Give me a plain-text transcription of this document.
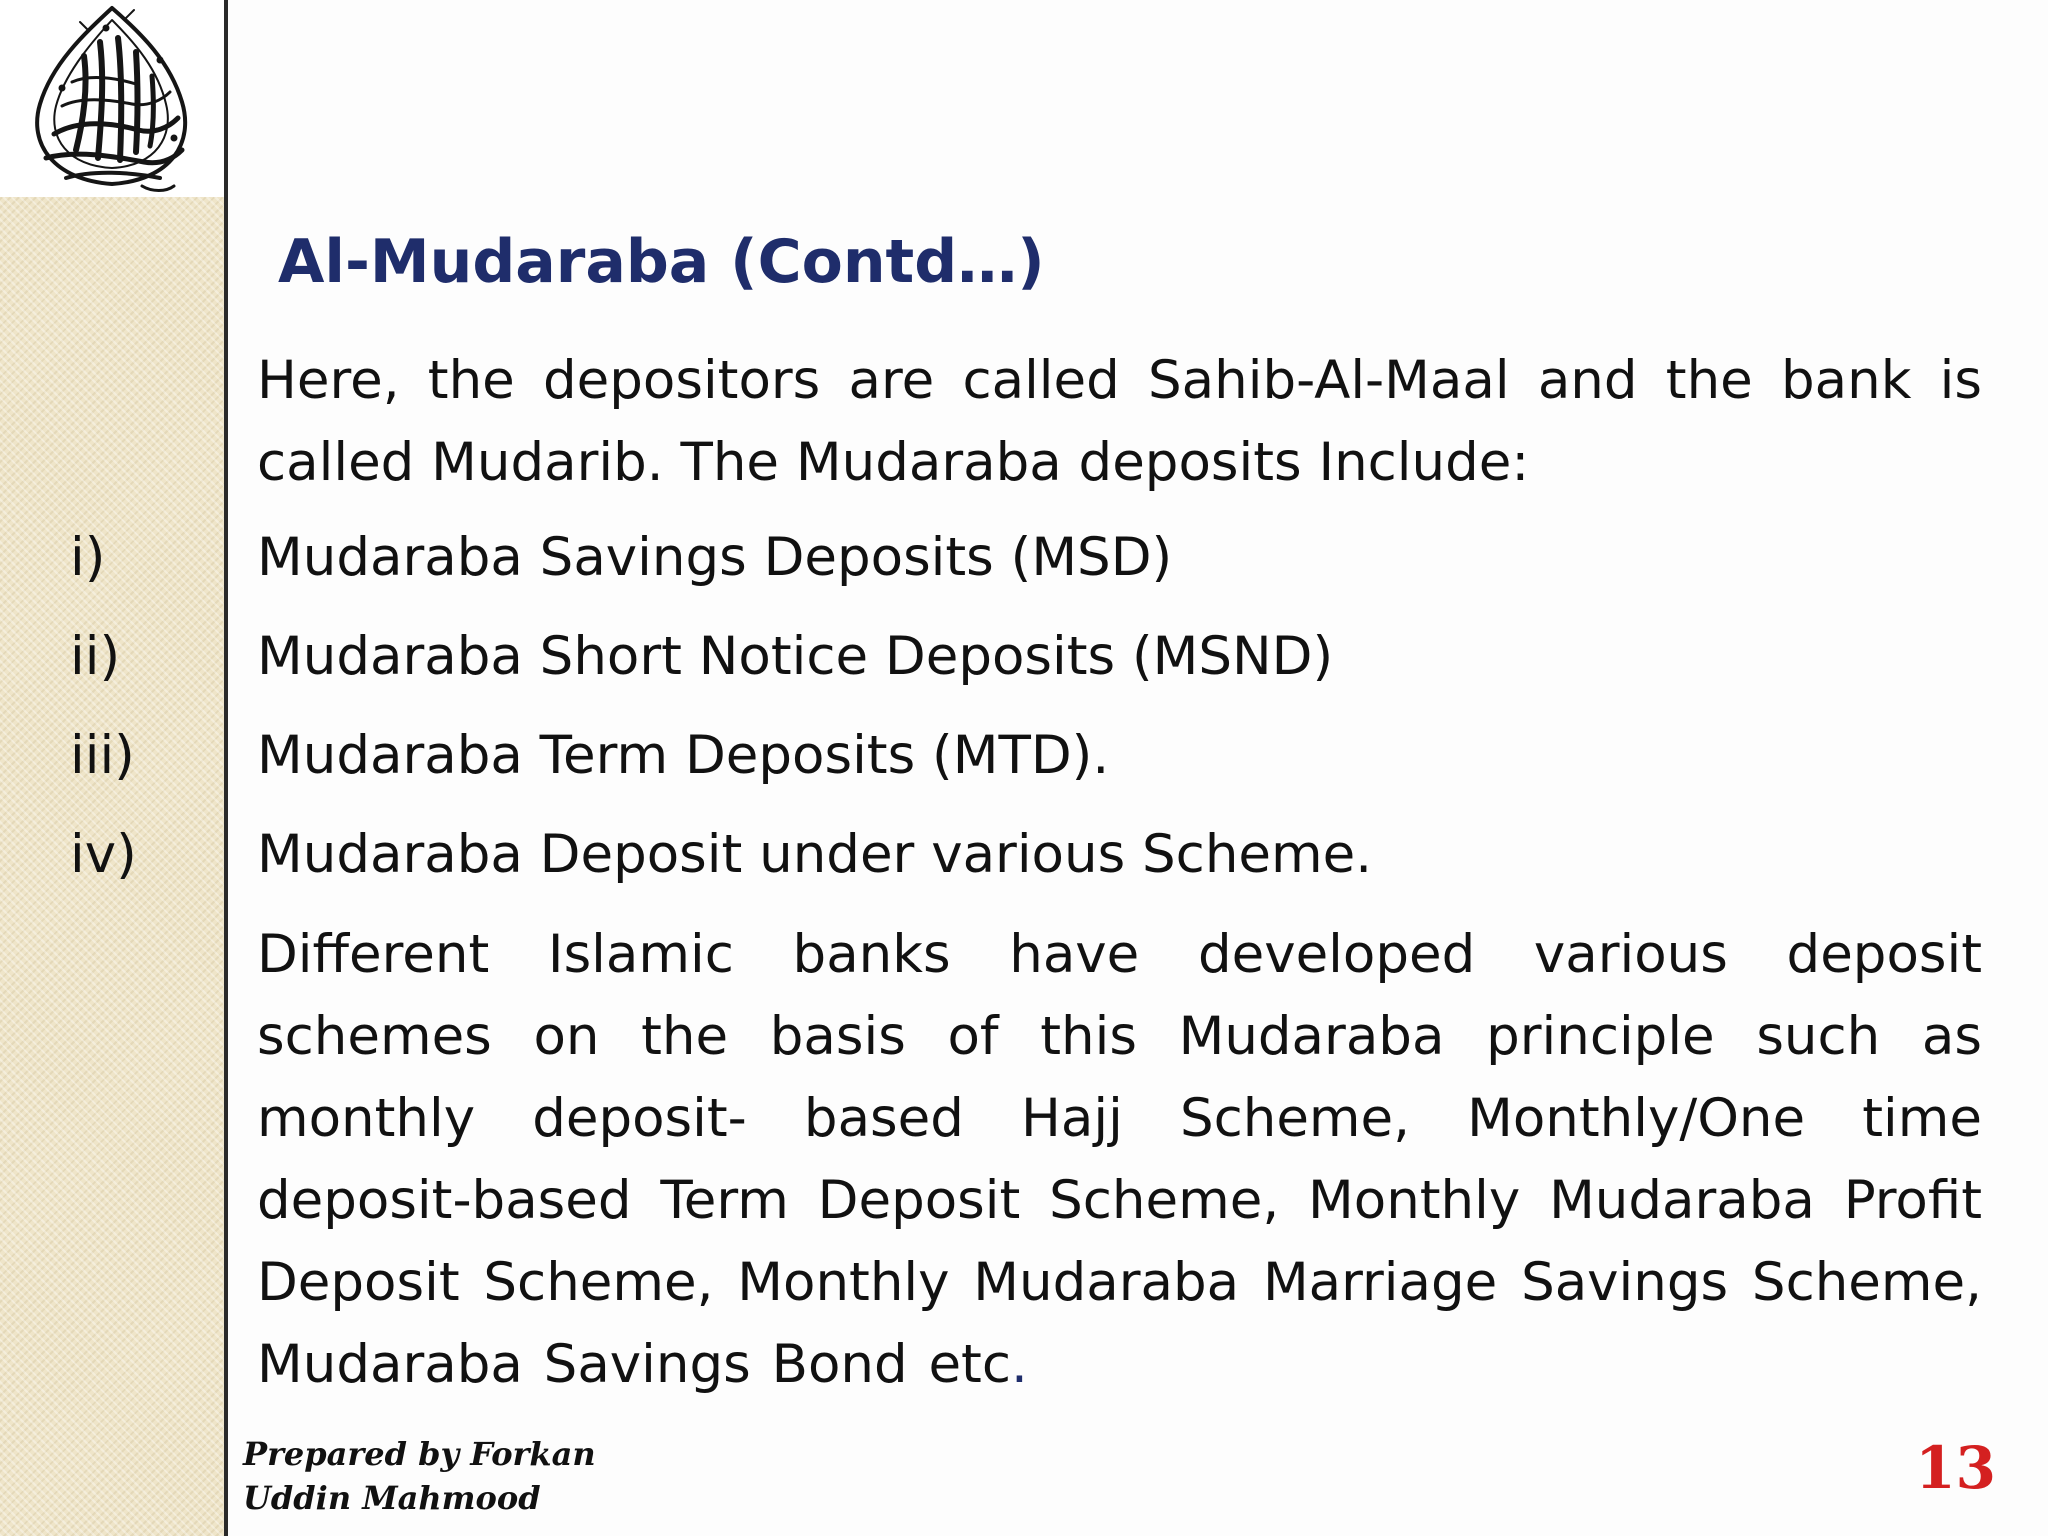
Al-Mudaraba (Contd…)

Here, the depositors are called Sahib-Al-Maal and the bank is called Mudarib. The Mudaraba deposits Include:

i)	Mudaraba Savings Deposits (MSD)
ii)	Mudaraba Short Notice Deposits (MSND)
iii) Mudaraba Term Deposits (MTD).
iv) Mudaraba Deposit under various Scheme.

Different Islamic banks have developed various deposit schemes on the basis of this Mudaraba principle such as monthly deposit- based Hajj Scheme, Monthly/One time deposit-based Term Deposit Scheme, Monthly Mudaraba Profit Deposit Scheme, Monthly Mudaraba Marriage Savings Scheme, Mudaraba Savings Bond etc.

Prepared by Forkan Uddin Mahmood	13
